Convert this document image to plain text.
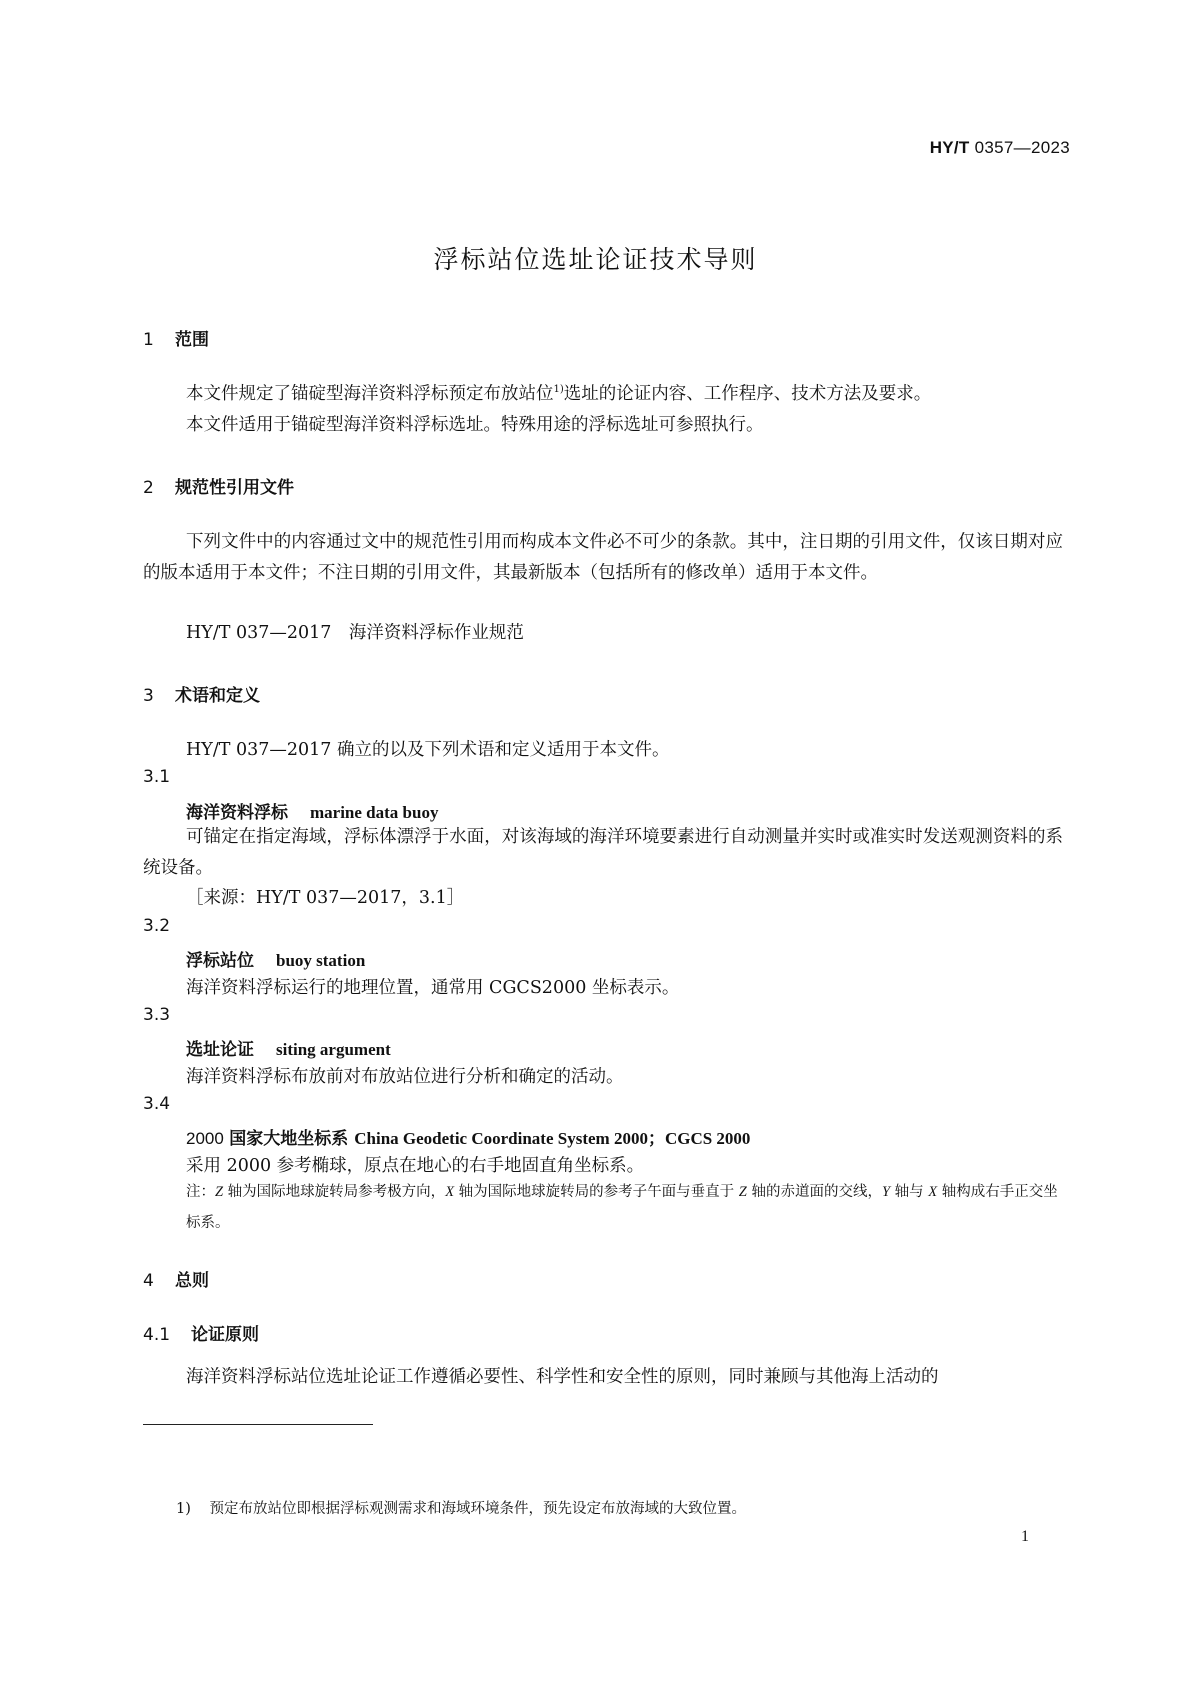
HY/T 0357—2023
浮标站位选址论证技术导则
1 范围
本文件规定了锚碇型海洋资料浮标预定布放站位$^{1)}$选址的论证内容、工作程序、技术方法及要求。
本文件适用于锚碇型海洋资料浮标选址。特殊用途的浮标选址可参照执行。
2 规范性引用文件
下列文件中的内容通过文中的规范性引用而构成本文件必不可少的条款。其中，注日期的引用文件，仅该日期对应的版本适用于本文件；不注日期的引用文件，其最新版本（包括所有的修改单）适用于本文件。
HY/T 037—2017　海洋资料浮标作业规范
3 术语和定义
HY/T 037—2017 确立的以及下列术语和定义适用于本文件。
3.1
海洋资料浮标 marine data buoy
可锚定在指定海域，浮标体漂浮于水面，对该海域的海洋环境要素进行自动测量并实时或准实时发送观测资料的系统设备。
［来源：HY/T 037—2017，3.1］
3.2
浮标站位 buoy station
海洋资料浮标运行的地理位置，通常用 CGCS2000 坐标表示。
3.3
选址论证 siting argument
海洋资料浮标布放前对布放站位进行分析和确定的活动。
3.4
2000 国家大地坐标系 China Geodetic Coordinate System 2000；CGCS 2000
采用 2000 参考椭球，原点在地心的右手地固直角坐标系。
注：Z 轴为国际地球旋转局参考极方向，X 轴为国际地球旋转局的参考子午面与垂直于 Z 轴的赤道面的交线，Y 轴与 X 轴构成右手正交坐标系。
4 总则
4.1 论证原则
海洋资料浮标站位选址论证工作遵循必要性、科学性和安全性的原则，同时兼顾与其他海上活动的
1) 预定布放站位即根据浮标观测需求和海域环境条件，预先设定布放海域的大致位置。
1
